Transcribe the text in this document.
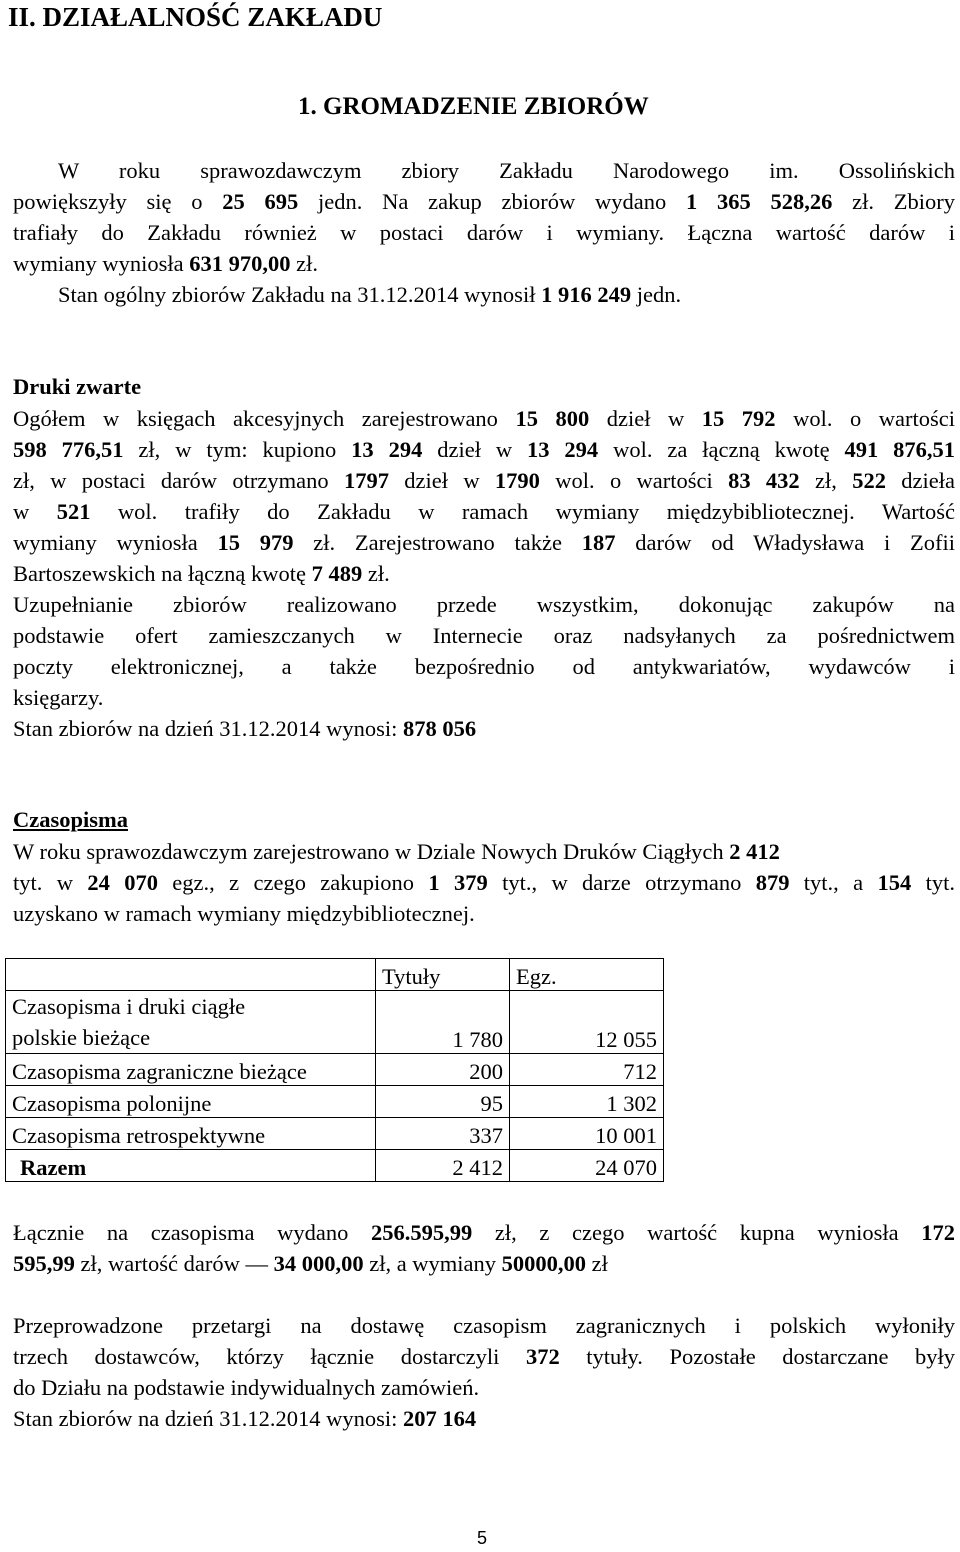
II. DZIAŁALNOŚĆ ZAKŁADU
1. GROMADZENIE ZBIORÓW
W roku sprawozdawczym zbiory Zakładu Narodowego im. Ossolińskich
powiększyły się o 25 695 jedn. Na zakup zbiorów wydano 1 365 528,26 zł. Zbiory
trafiały do Zakładu również w postaci darów i wymiany. Łączna wartość darów i
wymiany wyniosła 631 970,00 zł.
Stan ogólny zbiorów Zakładu na 31.12.2014 wynosił 1 916 249 jedn.
Druki zwarte
Ogółem w księgach akcesyjnych zarejestrowano 15 800 dzieł w 15 792 wol. o wartości
598 776,51 zł, w tym: kupiono 13 294 dzieł w 13 294 wol. za łączną kwotę 491 876,51
zł, w postaci darów otrzymano 1797 dzieł w 1790 wol. o wartości 83 432 zł, 522 dzieła
w 521 wol. trafiły do Zakładu w ramach wymiany międzybibliotecznej. Wartość
wymiany wyniosła 15 979 zł. Zarejestrowano także 187 darów od Władysława i Zofii
Bartoszewskich na łączną kwotę 7 489 zł.
Uzupełnianie zbiorów realizowano przede wszystkim, dokonując zakupów na
podstawie ofert zamieszczanych w Internecie oraz nadsyłanych za pośrednictwem
poczty elektronicznej, a także bezpośrednio od antykwariatów, wydawców i
księgarzy.
Stan zbiorów na dzień 31.12.2014 wynosi: 878 056
Czasopisma
W roku sprawozdawczym zarejestrowano w Dziale Nowych Druków Ciągłych 2 412
tyt. w 24 070 egz., z czego zakupiono 1 379 tyt., w darze otrzymano 879 tyt., a 154 tyt.
uzyskano w ramach wymiany międzybibliotecznej.
	Tytuły	Egz.

Czasopisma i druki ciągłe
polskie bieżące	1 780	12 055
Czasopisma zagraniczne bieżące	200	712
Czasopisma polonijne	95	1 302
Czasopisma retrospektywne	337	10 001
Razem	2 412	24 070
Łącznie na czasopisma wydano 256.595,99 zł, z czego wartość kupna wyniosła 172
595,99 zł, wartość darów — 34 000,00 zł, a wymiany 50000,00 zł
Przeprowadzone przetargi na dostawę czasopism zagranicznych i polskich wyłoniły
trzech dostawców, którzy łącznie dostarczyli 372 tytuły. Pozostałe dostarczane były
do Działu na podstawie indywidualnych zamówień.
Stan zbiorów na dzień 31.12.2014 wynosi: 207 164
5
